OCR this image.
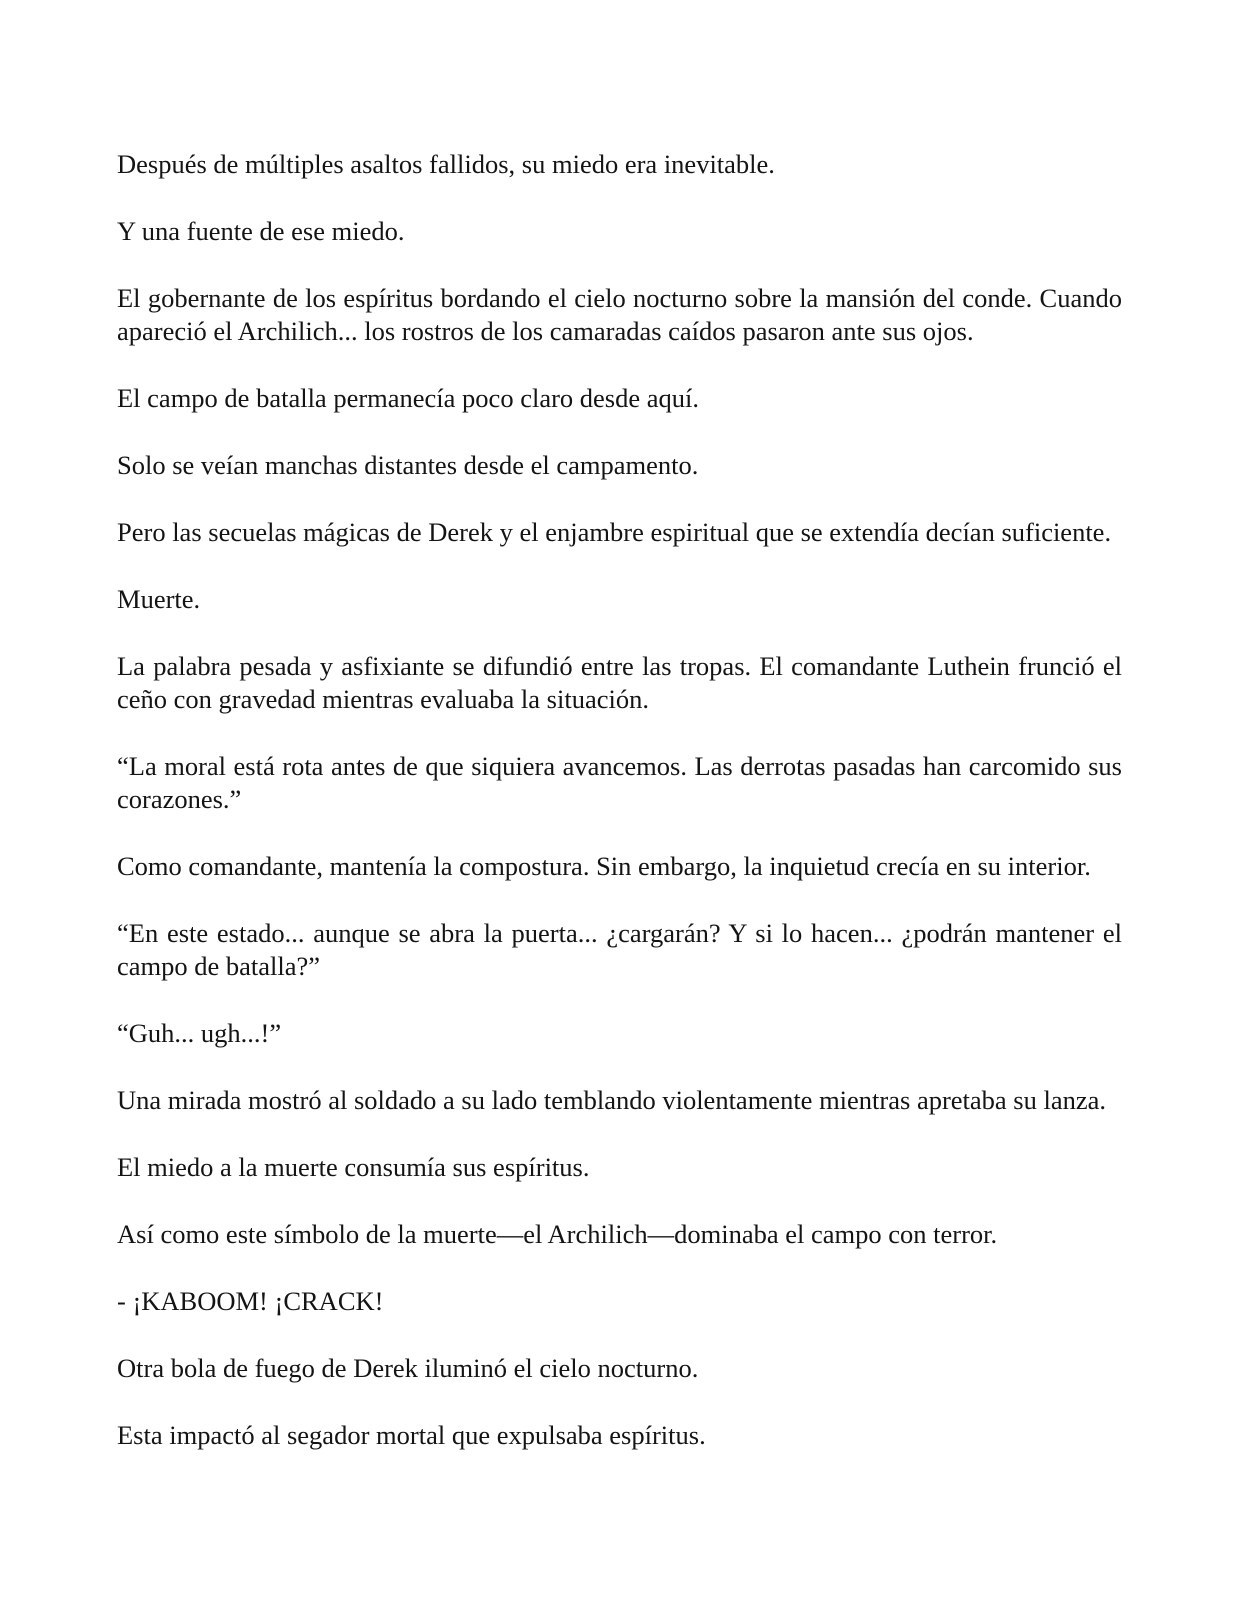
Después de múltiples asaltos fallidos, su miedo era inevitable.

Y una fuente de ese miedo.

El gobernante de los espíritus bordando el cielo nocturno sobre la mansión del conde. Cuando apareció el Archilich... los rostros de los camaradas caídos pasaron ante sus ojos.

El campo de batalla permanecía poco claro desde aquí.

Solo se veían manchas distantes desde el campamento.

Pero las secuelas mágicas de Derek y el enjambre espiritual que se extendía decían suficiente.

Muerte.

La palabra pesada y asfixiante se difundió entre las tropas. El comandante Luthein frunció el ceño con gravedad mientras evaluaba la situación.

“La moral está rota antes de que siquiera avancemos. Las derrotas pasadas han carcomido sus corazones.”

Como comandante, mantenía la compostura. Sin embargo, la inquietud crecía en su interior.

“En este estado... aunque se abra la puerta... ¿cargarán? Y si lo hacen... ¿podrán mantener el campo de batalla?”

“Guh... ugh...!”

Una mirada mostró al soldado a su lado temblando violentamente mientras apretaba su lanza.

El miedo a la muerte consumía sus espíritus.

Así como este símbolo de la muerte—el Archilich—dominaba el campo con terror.

- ¡KABOOM! ¡CRACK!

Otra bola de fuego de Derek iluminó el cielo nocturno.

Esta impactó al segador mortal que expulsaba espíritus.
